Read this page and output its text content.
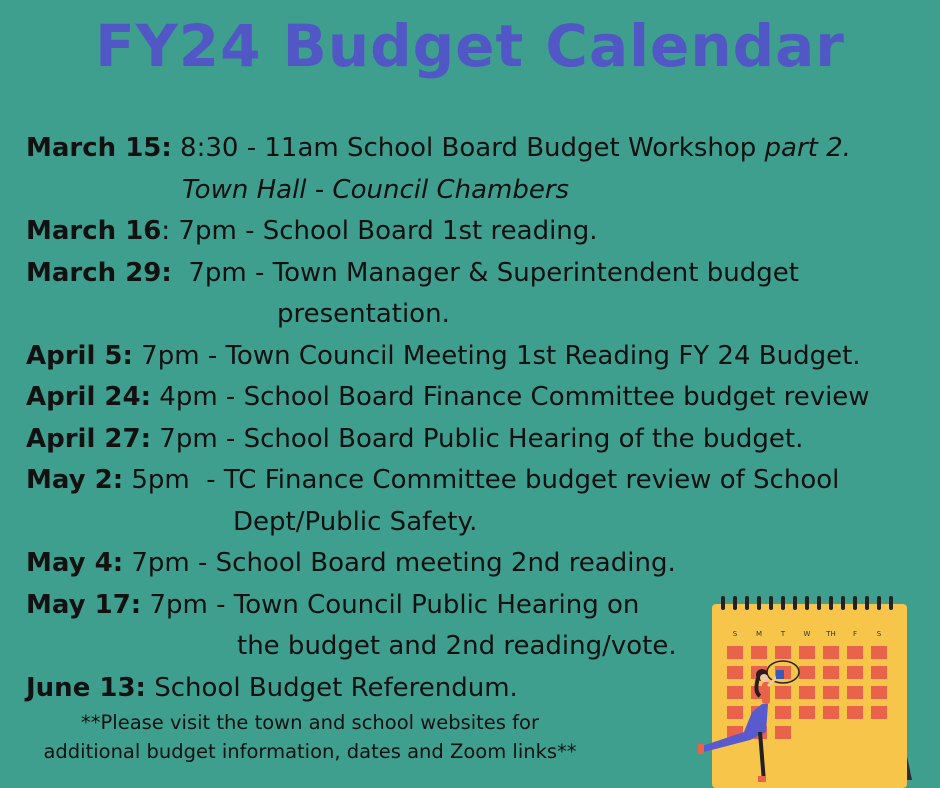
FY24 Budget Calendar
March 15: 8:30 - 11am School Board Budget Workshop part 2.
Town Hall - Council Chambers
March 16: 7pm - School Board 1st reading.
March 29:  7pm - Town Manager & Superintendent budget
presentation.
April 5: 7pm - Town Council Meeting 1st Reading FY 24 Budget.
April 24: 4pm - School Board Finance Committee budget review
April 27: 7pm - School Board Public Hearing of the budget.
May 2: 5pm  - TC Finance Committee budget review of School
Dept/Public Safety.
May 4: 7pm - School Board meeting 2nd reading.
May 17: 7pm - Town Council Public Hearing on
the budget and 2nd reading/vote.
June 13: School Budget Referendum.
**Please visit the town and school websites for
additional budget information, dates and Zoom links**
S	M	T	W TH F	S
